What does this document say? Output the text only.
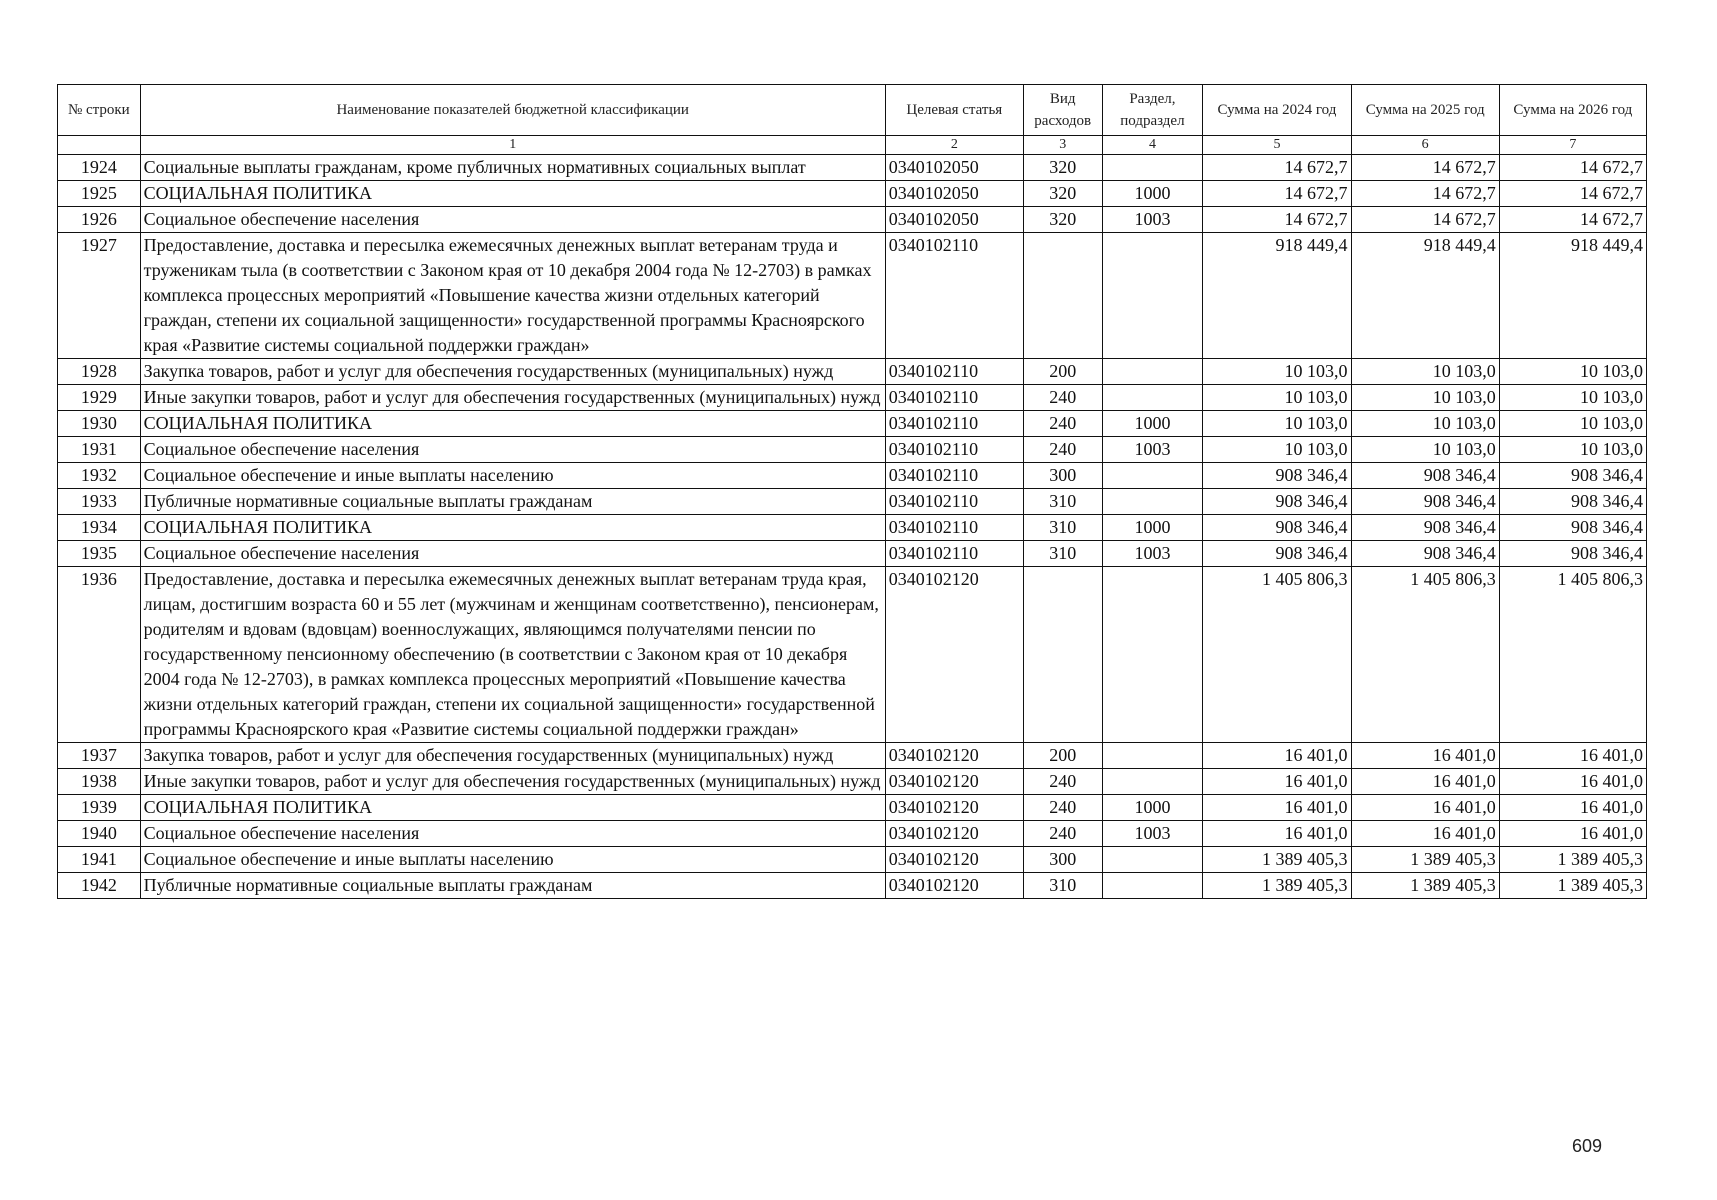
№ строки	Наименование показателей бюджетной классификации	Целевая статья	Вид расходов	Раздел, подраздел	Сумма на 2024 год	Сумма на 2025 год	Сумма на 2026 год
	1	2	3	4	5	6	7
1924	Социальные выплаты гражданам, кроме публичных нормативных социальных выплат	0340102050	320		14 672,7	14 672,7	14 672,7
1925	СОЦИАЛЬНАЯ ПОЛИТИКА	0340102050	320	1000	14 672,7	14 672,7	14 672,7
1926	Социальное обеспечение населения	0340102050	320	1003	14 672,7	14 672,7	14 672,7
1927	Предоставление, доставка и пересылка ежемесячных денежных выплат ветеранам труда и труженикам тыла (в соответствии с Законом края от 10 декабря 2004 года № 12-2703) в рамках комплекса процессных мероприятий «Повышение качества жизни отдельных категорий граждан, степени их социальной защищенности» государственной программы Красноярского края «Развитие системы социальной поддержки граждан»	0340102110			918 449,4	918 449,4	918 449,4
1928	Закупка товаров, работ и услуг для обеспечения государственных (муниципальных) нужд	0340102110	200		10 103,0	10 103,0	10 103,0
1929	Иные закупки товаров, работ и услуг для обеспечения государственных (муниципальных) нужд	0340102110	240		10 103,0	10 103,0	10 103,0
1930	СОЦИАЛЬНАЯ ПОЛИТИКА	0340102110	240	1000	10 103,0	10 103,0	10 103,0
1931	Социальное обеспечение населения	0340102110	240	1003	10 103,0	10 103,0	10 103,0
1932	Социальное обеспечение и иные выплаты населению	0340102110	300		908 346,4	908 346,4	908 346,4
1933	Публичные нормативные социальные выплаты гражданам	0340102110	310		908 346,4	908 346,4	908 346,4
1934	СОЦИАЛЬНАЯ ПОЛИТИКА	0340102110	310	1000	908 346,4	908 346,4	908 346,4
1935	Социальное обеспечение населения	0340102110	310	1003	908 346,4	908 346,4	908 346,4
1936	Предоставление, доставка и пересылка ежемесячных денежных выплат ветеранам труда края, лицам, достигшим возраста 60 и 55 лет (мужчинам и женщинам соответственно), пенсионерам, родителям и вдовам (вдовцам) военнослужащих, являющимся получателями пенсии по государственному пенсионному обеспечению (в соответствии с Законом края от 10 декабря 2004 года № 12-2703), в рамках комплекса процессных мероприятий «Повышение качества жизни отдельных категорий граждан, степени их социальной защищенности» государственной программы Красноярского края «Развитие системы социальной поддержки граждан»	0340102120			1 405 806,3	1 405 806,3	1 405 806,3
1937	Закупка товаров, работ и услуг для обеспечения государственных (муниципальных) нужд	0340102120	200		16 401,0	16 401,0	16 401,0
1938	Иные закупки товаров, работ и услуг для обеспечения государственных (муниципальных) нужд	0340102120	240		16 401,0	16 401,0	16 401,0
1939	СОЦИАЛЬНАЯ ПОЛИТИКА	0340102120	240	1000	16 401,0	16 401,0	16 401,0
1940	Социальное обеспечение населения	0340102120	240	1003	16 401,0	16 401,0	16 401,0
1941	Социальное обеспечение и иные выплаты населению	0340102120	300		1 389 405,3	1 389 405,3	1 389 405,3
1942	Публичные нормативные социальные выплаты гражданам	0340102120	310		1 389 405,3	1 389 405,3	1 389 405,3
609
